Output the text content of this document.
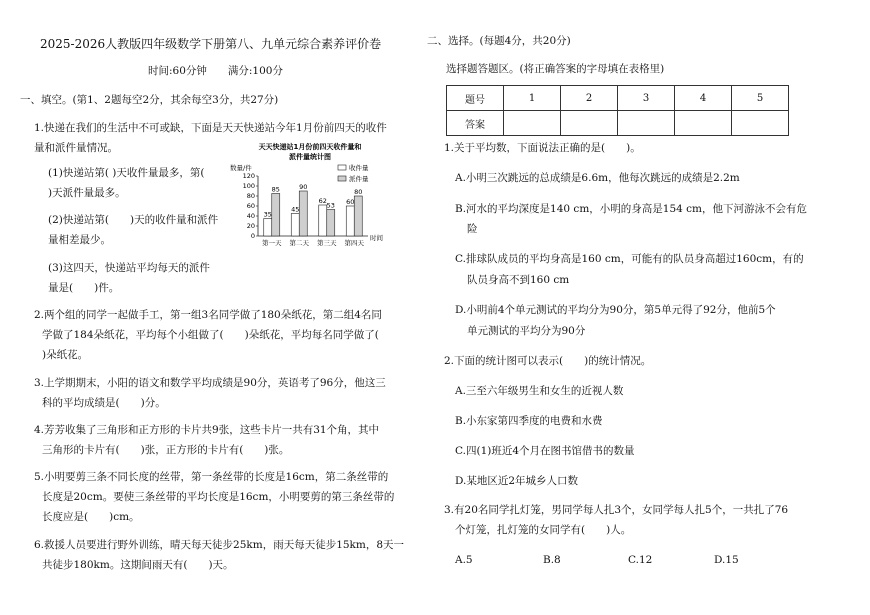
2025-2026人教版四年级数学下册第八、九单元综合素养评价卷
时间:60分钟　　满分:100分
一、填空。(第1、2题每空2分，其余每空3分，共27分)
1.快递在我们的生活中不可或缺，下面是天天快递站今年1月份前四天的收件
量和派件量情况。
(1)快递站第( )天收件量最多，第(
)天派件量最多。
(2)快递站第(　　)天的收件量和派件
量相差最少。
(3)这四天，快递站平均每天的派件
量是(　　)件。
天天快递站1月份前四天收件量和
派件量统计图
数量/件
时间
120
100
80
60
40
20
0
35
85
45
90
62
53 60
80
第一天 第二天 第三天 第四天
收件量
派件量
2.两个组的同学一起做手工，第一组3名同学做了180朵纸花，第二组4名同
学做了184朵纸花，平均每个小组做了(　　)朵纸花，平均每名同学做了(
)朵纸花。
3.上学期期末，小阳的语文和数学平均成绩是90分，英语考了96分，他这三
科的平均成绩是(　　)分。
4.芳芳收集了三角形和正方形的卡片共9张，这些卡片一共有31个角，其中
三角形的卡片有(　　)张，正方形的卡片有(　　)张。
5.小明要剪三条不同长度的丝带，第一条丝带的长度是16cm，第二条丝带的
长度是20cm。要使三条丝带的平均长度是16cm，小明要剪的第三条丝带的
长度应是(　　)cm。
6.救援人员要进行野外训练，晴天每天徒步25km，雨天每天徒步15km，8天一
共徒步180km。这期间雨天有(　　)天。
二、选择。(每题4分，共20分)
选择题答题区。(将正确答案的字母填在表格里)
题号	1	2	3	4	5
答案					
1.关于平均数，下面说法正确的是(　　)。
A.小明三次跳远的总成绩是6.6m，他每次跳远的成绩是2.2m
B.河水的平均深度是140 cm，小明的身高是154 cm，他下河游泳不会有危
险
C.排球队成员的平均身高是160 cm，可能有的队员身高超过160cm，有的
队员身高不到160 cm
D.小明前4个单元测试的平均分为90分，第5单元得了92分，他前5个
单元测试的平均分为90分
2.下面的统计图可以表示(　　)的统计情况。
A.三至六年级男生和女生的近视人数
B.小东家第四季度的电费和水费
C.四(1)班近4个月在图书馆借书的数量
D.某地区近2年城乡人口数
3.有20名同学扎灯笼，男同学每人扎3个，女同学每人扎5个，一共扎了76
个灯笼，扎灯笼的女同学有(　　)人。
A.5	B.8	C.12	D.15
